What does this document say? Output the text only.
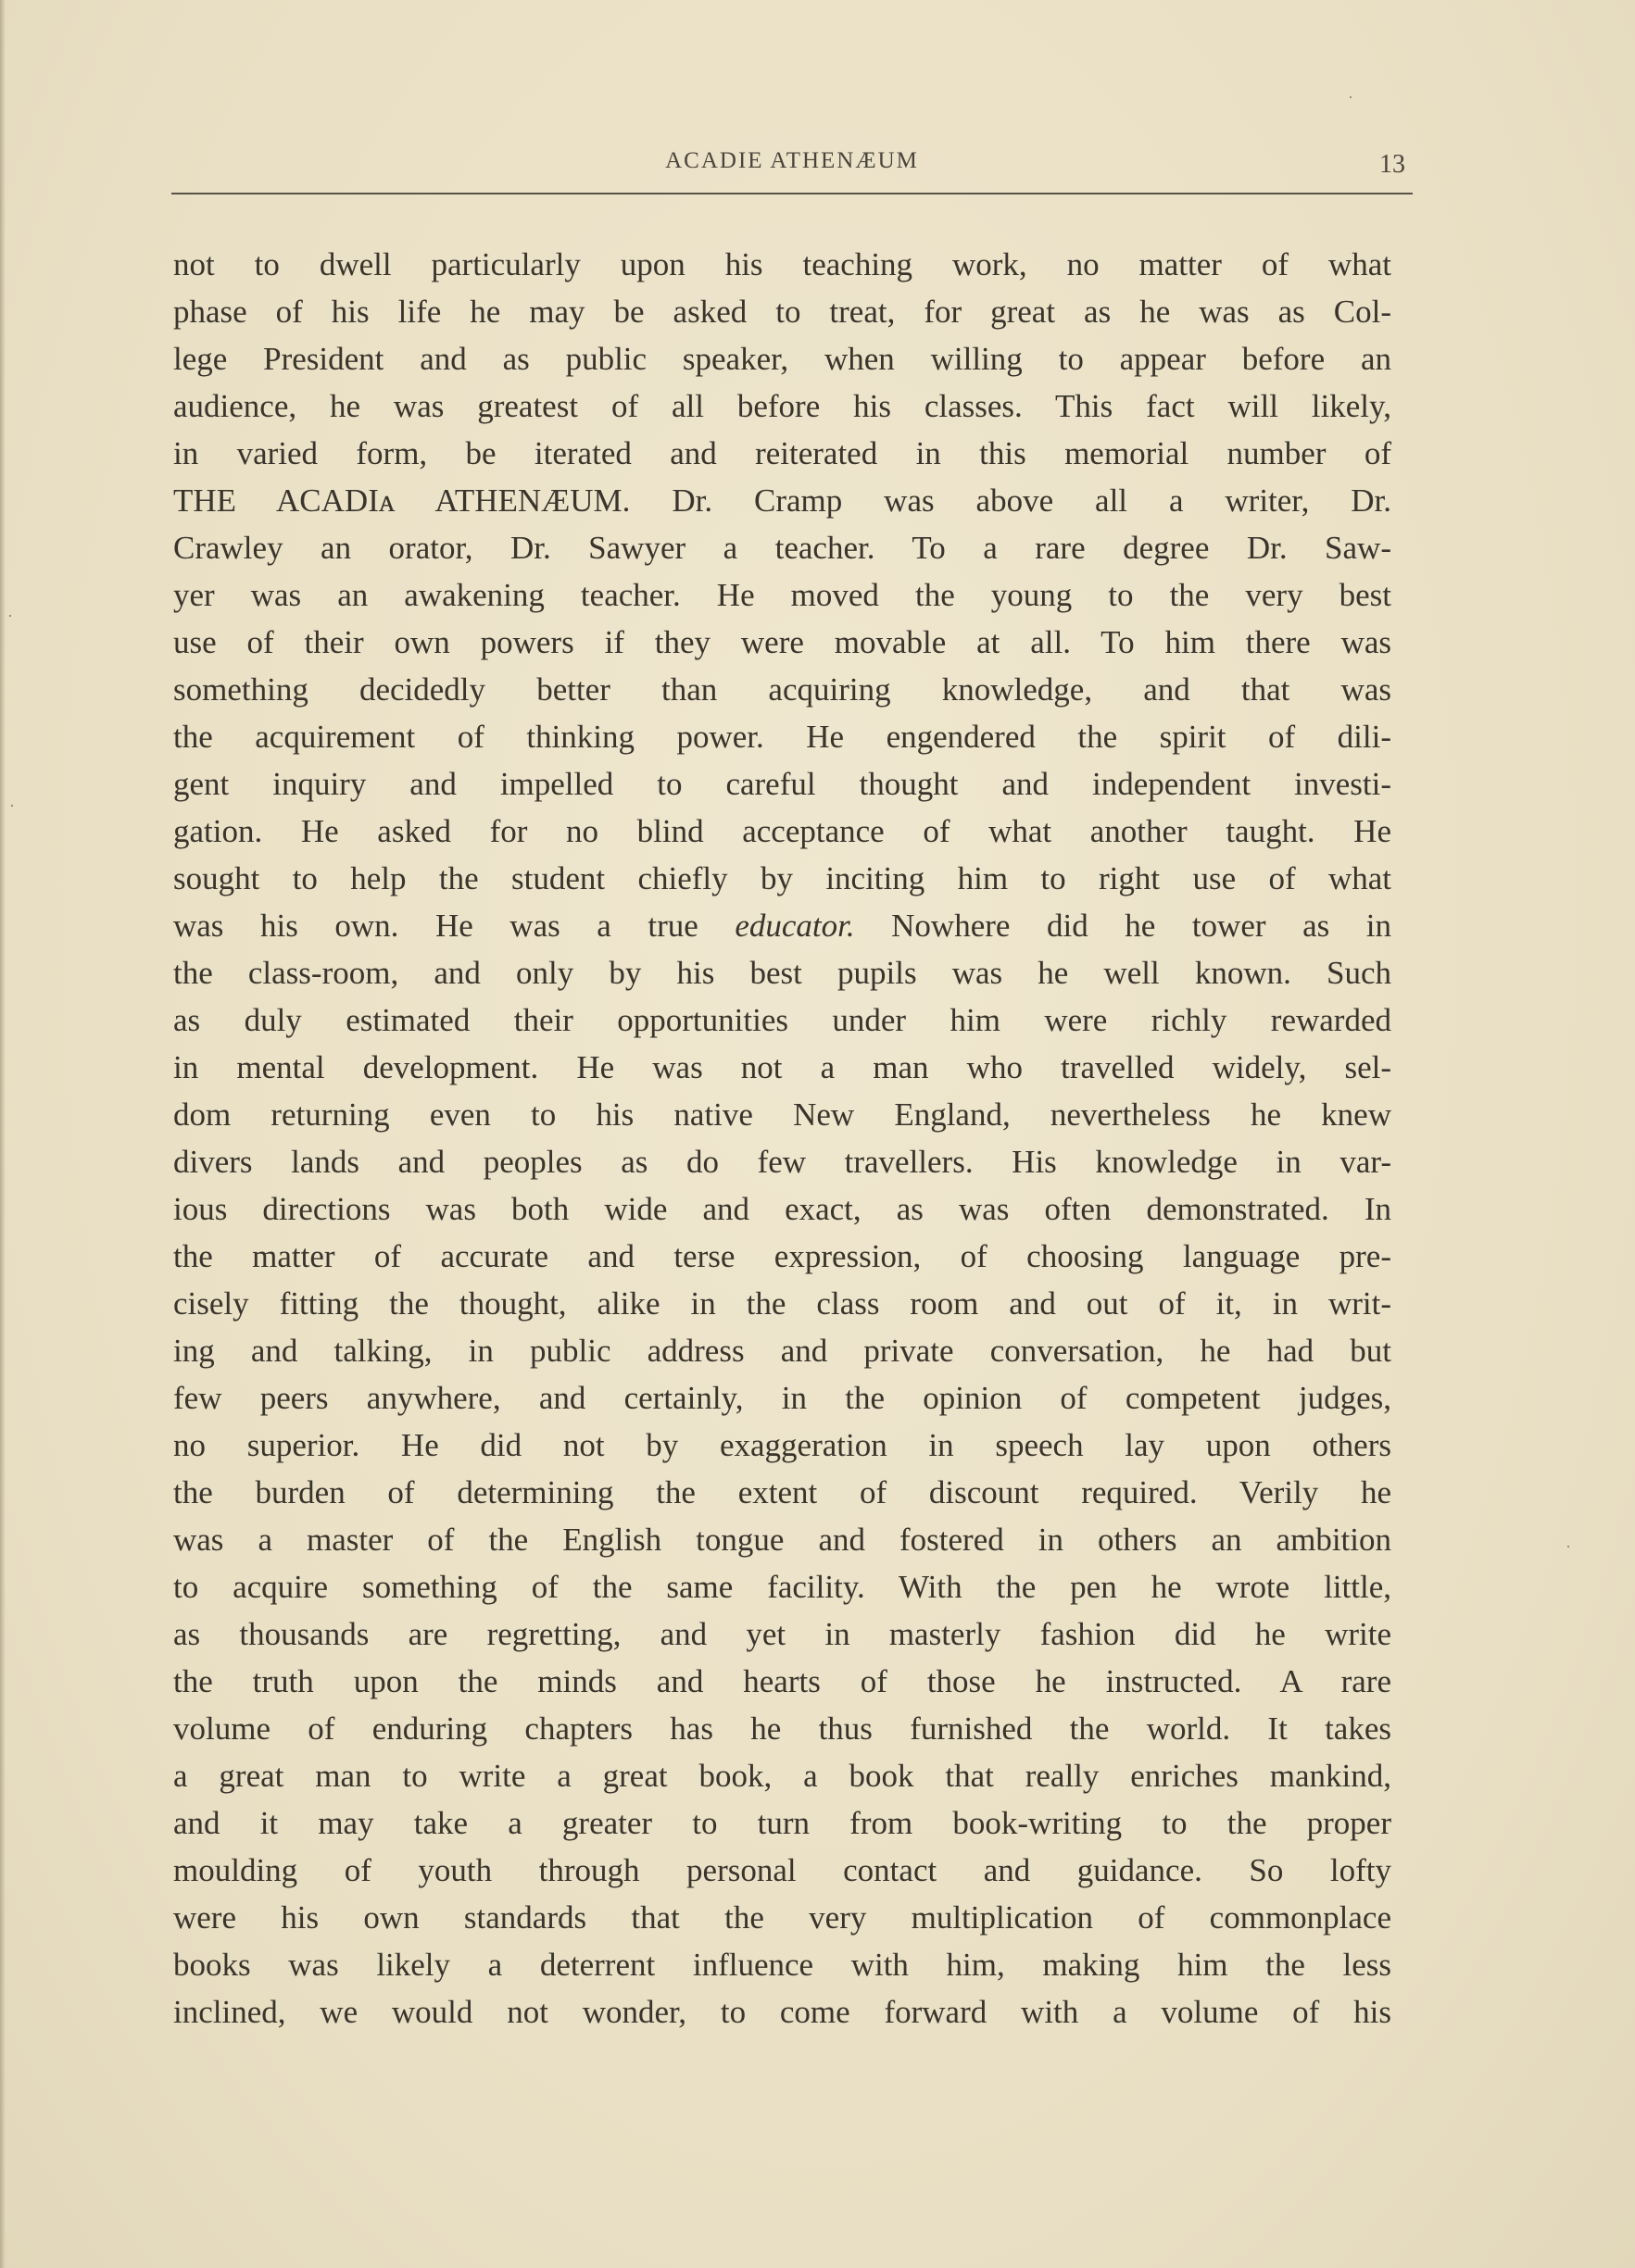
ACADIE ATHENÆUM	13
not to dwell particularly upon his teaching work, no matter of what
phase of his life he may be asked to treat, for great as he was as Col-
lege President and as public speaker, when willing to appear before an
audience, he was greatest of all before his classes. This fact will likely,
in varied form, be iterated and reiterated in this memorial number of
THE ACADIᴀ ATHENÆUM. Dr. Cramp was above all a writer, Dr.
Crawley an orator, Dr. Sawyer a teacher. To a rare degree Dr. Saw-
yer was an awakening teacher. He moved the young to the very best
use of their own powers if they were movable at all. To him there was
something decidedly better than acquiring knowledge, and that was
the acquirement of thinking power. He engendered the spirit of dili-
gent inquiry and impelled to careful thought and independent investi-
gation. He asked for no blind acceptance of what another taught. He
sought to help the student chiefly by inciting him to right use of what
was his own. He was a true educator. Nowhere did he tower as in
the class-room, and only by his best pupils was he well known. Such
as duly estimated their opportunities under him were richly rewarded
in mental development. He was not a man who travelled widely, sel-
dom returning even to his native New England, nevertheless he knew
divers lands and peoples as do few travellers. His knowledge in var-
ious directions was both wide and exact, as was often demonstrated. In
the matter of accurate and terse expression, of choosing language pre-
cisely fitting the thought, alike in the class room and out of it, in writ-
ing and talking, in public address and private conversation, he had but
few peers anywhere, and certainly, in the opinion of competent judges,
no superior. He did not by exaggeration in speech lay upon others
the burden of determining the extent of discount required. Verily he
was a master of the English tongue and fostered in others an ambition
to acquire something of the same facility. With the pen he wrote little,
as thousands are regretting, and yet in masterly fashion did he write
the truth upon the minds and hearts of those he instructed. A rare
volume of enduring chapters has he thus furnished the world. It takes
a great man to write a great book, a book that really enriches mankind,
and it may take a greater to turn from book-writing to the proper
moulding of youth through personal contact and guidance. So lofty
were his own standards that the very multiplication of commonplace
books was likely a deterrent influence with him, making him the less
inclined, we would not wonder, to come forward with a volume of his
·
·
·
·
